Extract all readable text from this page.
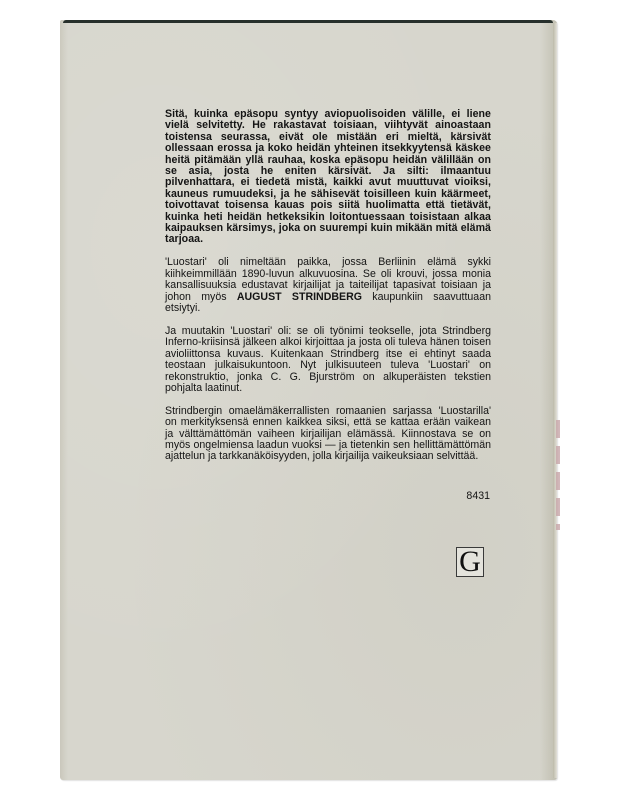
Sitä, kuinka epäsopu syntyy aviopuolisoiden välille, ei liene vielä selvitetty. He rakastavat toisiaan, viihtyvät ainoastaan toistensa seurassa, eivät ole mistään eri mieltä, kärsivät ollessaan erossa ja koko heidän yhteinen itsekkyytensä käskee heitä pitämään yllä rauhaa, koska epäsopu heidän välillään on se asia, josta he eniten kärsivät. Ja silti: ilmaantuu pilvenhattara, ei tiedetä mistä, kaikki avut muuttuvat vioiksi, kauneus rumuudeksi, ja he sähisevät toisilleen kuin käärmeet, toivottavat toisensa kauas pois siitä huolimatta että tietävät, kuinka heti heidän hetkeksikin loitontuessaan toisistaan alkaa kaipauksen kärsimys, joka on suurempi kuin mikään mitä elämä tarjoaa.

'Luostari' oli nimeltään paikka, jossa Berliinin elämä sykki kiihkeimmillään 1890-luvun alkuvuosina. Se oli krouvi, jossa monia kansallisuuksia edustavat kirjailijat ja taiteilijat tapasivat toisiaan ja johon myös AUGUST STRINDBERG kaupunkiin saavuttuaan etsiytyi.

Ja muutakin 'Luostari' oli: se oli työnimi teokselle, jota Strindberg Inferno-kriisinsä jälkeen alkoi kirjoittaa ja josta oli tuleva hänen toisen avioliittonsa kuvaus. Kuitenkaan Strindberg itse ei ehtinyt saada teostaan julkaisukuntoon. Nyt julkisuuteen tuleva 'Luostari' on rekonstruktio, jonka C. G. Bjurström on alkuperäisten tekstien pohjalta laatinut.

Strindbergin omaelämäkerrallisten romaanien sarjassa 'Luostarilla' on merkityksensä ennen kaikkea siksi, että se kattaa erään vaikean ja välttämättömän vaiheen kirjailijan elämässä. Kiinnostava se on myös ongelmiensa laadun vuoksi — ja tietenkin sen hellittämättömän ajattelun ja tarkkanäköisyyden, jolla kirjailija vaikeuksiaan selvittää.

8431
G
